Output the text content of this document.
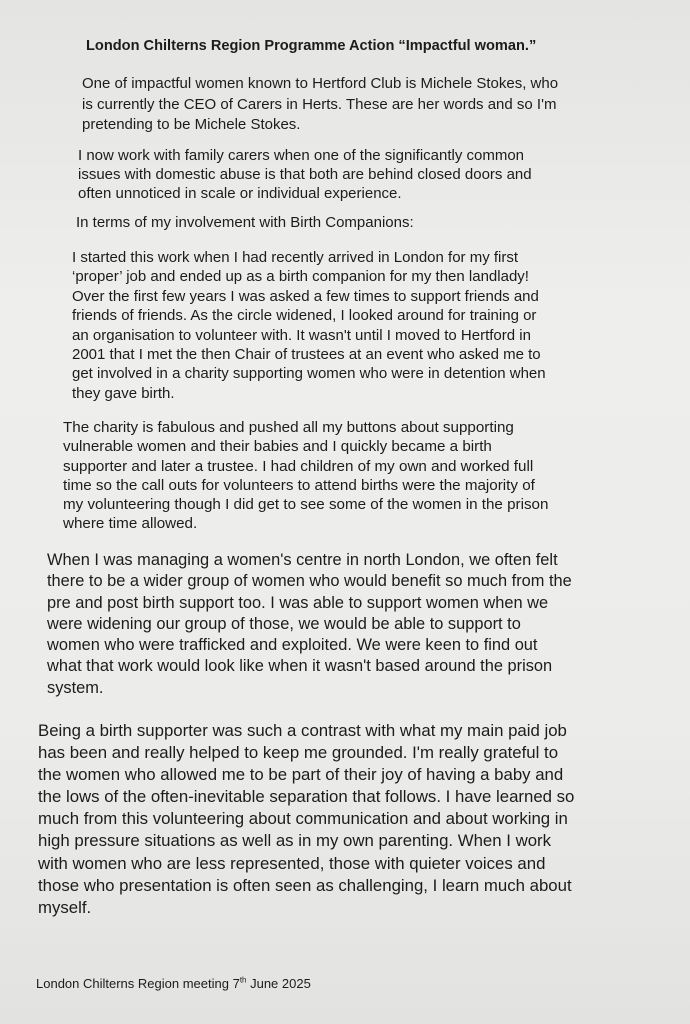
London Chilterns Region Programme Action “Impactful woman.”

One of impactful women known to Hertford Club is Michele Stokes, who
is currently the CEO of Carers in Herts. These are her words and so I'm
pretending to be Michele Stokes.

I now work with family carers when one of the significantly common
issues with domestic abuse is that both are behind closed doors and
often unnoticed in scale or individual experience.

In terms of my involvement with Birth Companions:

I started this work when I had recently arrived in London for my first
‘proper’ job and ended up as a birth companion for my then landlady!
Over the first few years I was asked a few times to support friends and
friends of friends. As the circle widened, I looked around for training or
an organisation to volunteer with. It wasn't until I moved to Hertford in
2001 that I met the then Chair of trustees at an event who asked me to
get involved in a charity supporting women who were in detention when
they gave birth.

The charity is fabulous and pushed all my buttons about supporting
vulnerable women and their babies and I quickly became a birth
supporter and later a trustee. I had children of my own and worked full
time so the call outs for volunteers to attend births were the majority of
my volunteering though I did get to see some of the women in the prison
where time allowed.

When I was managing a women's centre in north London, we often felt
there to be a wider group of women who would benefit so much from the
pre and post birth support too. I was able to support women when we
were widening our group of those, we would be able to support to
women who were trafficked and exploited. We were keen to find out
what that work would look like when it wasn't based around the prison
system.

Being a birth supporter was such a contrast with what my main paid job
has been and really helped to keep me grounded. I'm really grateful to
the women who allowed me to be part of their joy of having a baby and
the lows of the often-inevitable separation that follows. I have learned so
much from this volunteering about communication and about working in
high pressure situations as well as in my own parenting. When I work
with women who are less represented, those with quieter voices and
those who presentation is often seen as challenging, I learn much about
myself.

London Chilterns Region meeting 7th June 2025
